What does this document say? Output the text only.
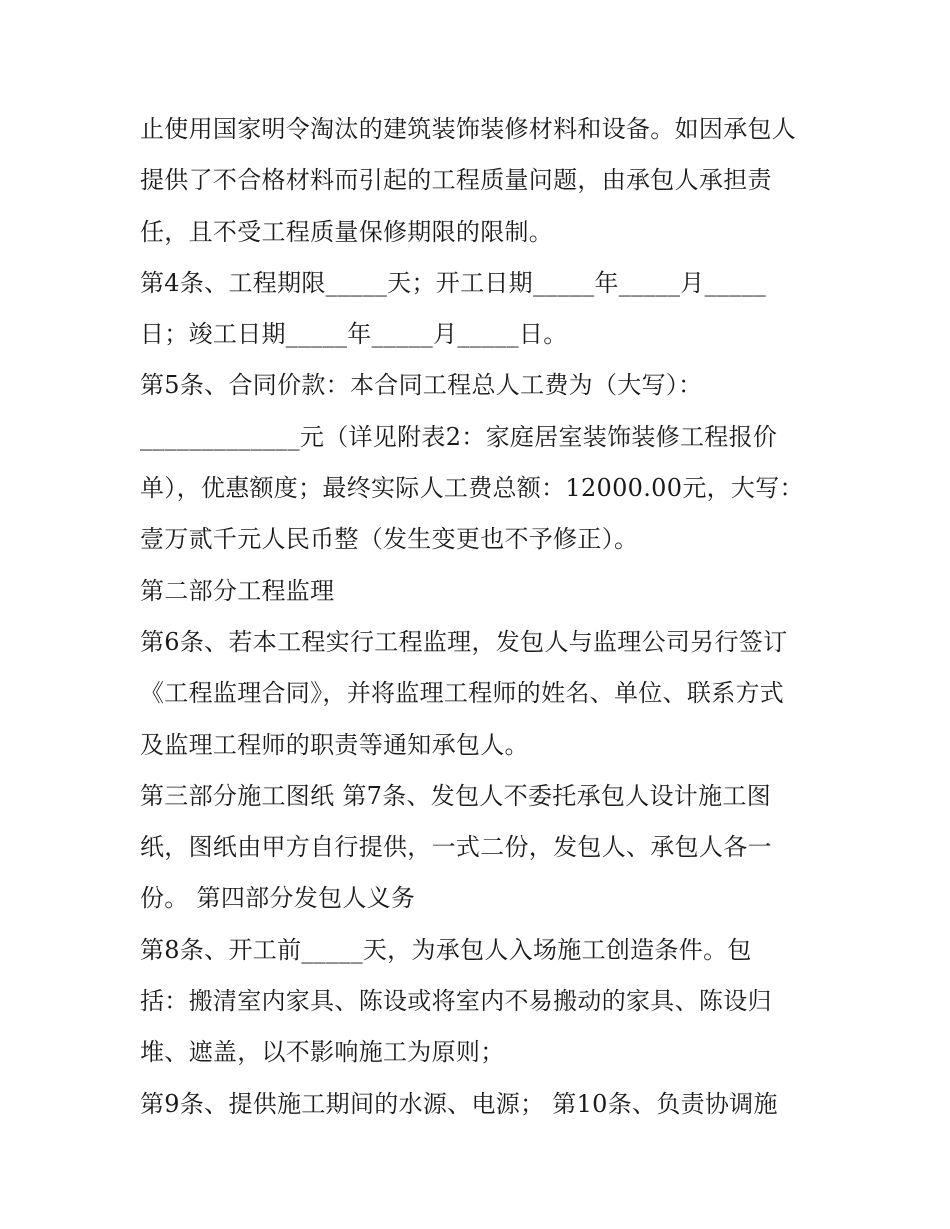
止使用国家明令淘汰的建筑装饰装修材料和设备。如因承包人
提供了不合格材料而引起的工程质量问题，由承包人承担责
任，且不受工程质量保修期限的限制。
第4条、工程期限_____天；开工日期_____年_____月_____
日；竣工日期_____年_____月_____日。
第5条、合同价款：本合同工程总人工费为（大写）：
_____________元（详见附表2：家庭居室装饰装修工程报价
单），优惠额度；最终实际人工费总额：12000.00元，大写：
壹万贰千元人民币整（发生变更也不予修正）。
第二部分工程监理
第6条、若本工程实行工程监理，发包人与监理公司另行签订
《工程监理合同》，并将监理工程师的姓名、单位、联系方式
及监理工程师的职责等通知承包人。
第三部分施工图纸 第7条、发包人不委托承包人设计施工图
纸，图纸由甲方自行提供，一式二份，发包人、承包人各一
份。 第四部分发包人义务
第8条、开工前_____天，为承包人入场施工创造条件。包
括：搬清室内家具、陈设或将室内不易搬动的家具、陈设归
堆、遮盖，以不影响施工为原则；
第9条、提供施工期间的水源、电源； 第10条、负责协调施
